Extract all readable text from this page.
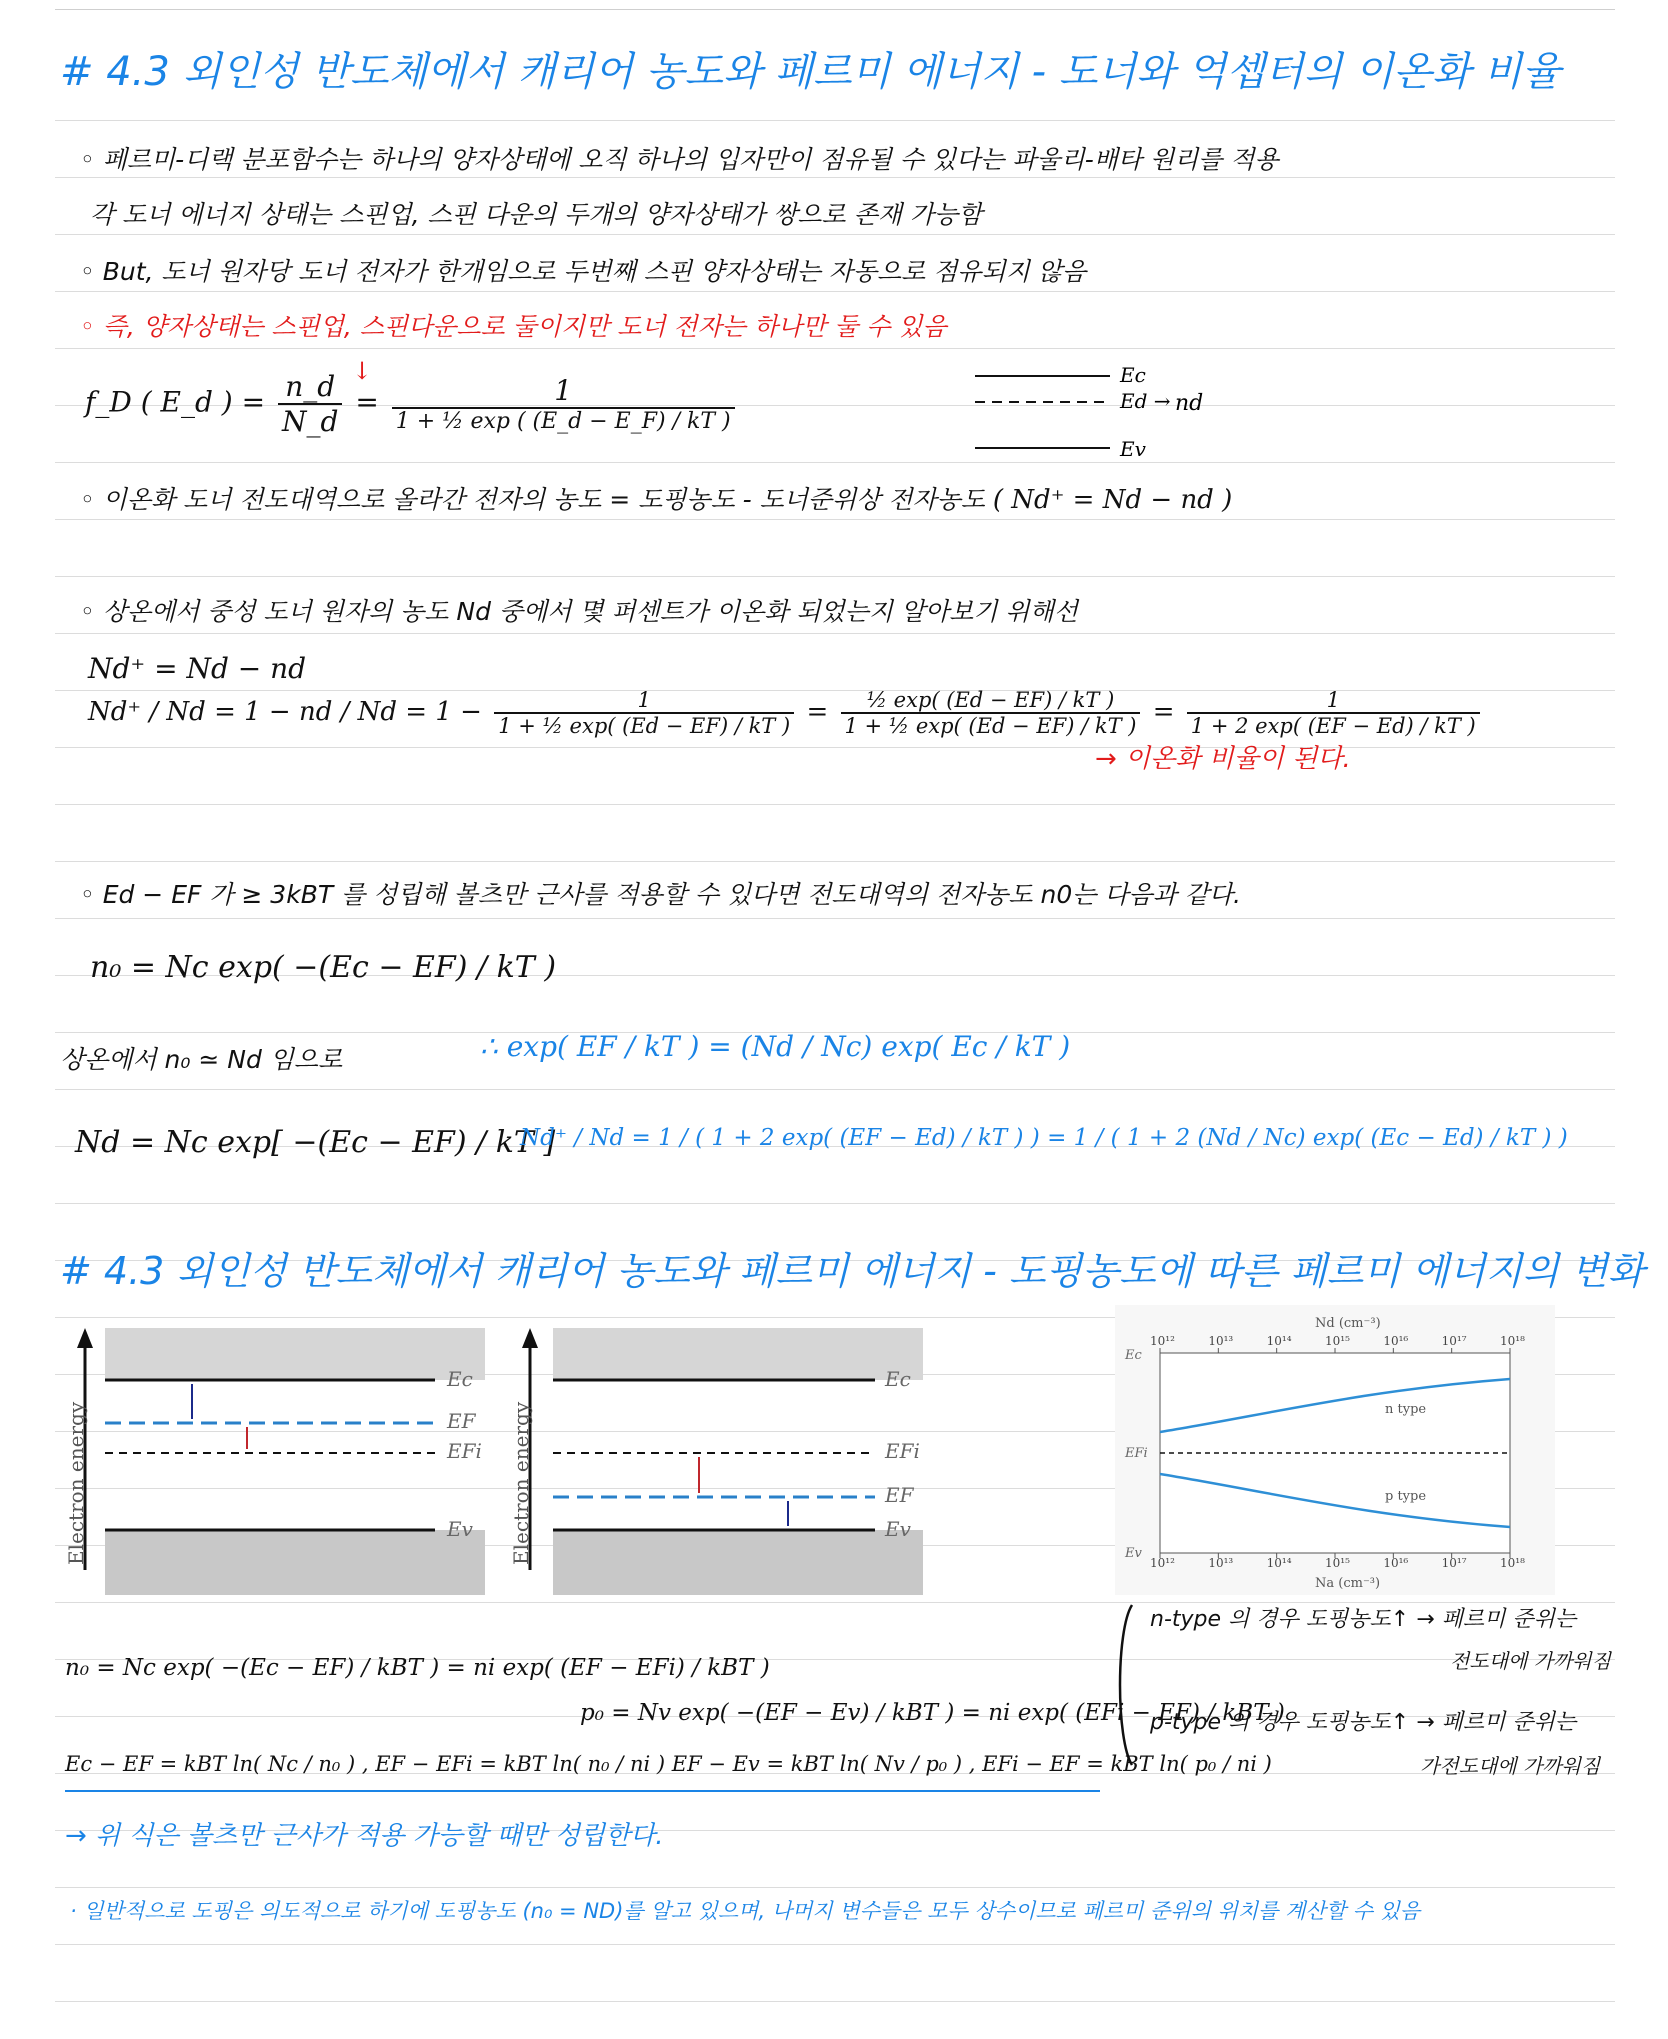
# 4.3 외인성 반도체에서 캐리어 농도와 페르미 에너지 - 도너와 억셉터의 이온화 비율
◦ 페르미-디랙 분포함수는 하나의 양자상태에 오직 하나의 입자만이 점유될 수 있다는 파울리-배타 원리를 적용
각 도너 에너지 상태는 스핀업, 스핀 다운의 두개의 양자상태가 쌍으로 존재 가능함
◦ But, 도너 원자당 도너 전자가 한개임으로 두번째 스핀 양자상태는 자동으로 점유되지 않음
◦ 즉, 양자상태는 스핀업, 스핀다운으로 둘이지만 도너 전자는 하나만 둘 수 있음
f_D ( E_d ) = $\frac{n\_d}{N\_d} = \frac{1}{\text{1 + ½ exp ( (E\_d − E\_F) / kT )}}$
↓	Ec
Ed → nd
Ev
◦ 이온화 도너 전도대역으로 올라간 전자의 농도 = 도핑농도 - 도너준위상 전자농도 ( Nd⁺ = Nd − nd )
◦ 상온에서 중성 도너 원자의 농도 Nd 중에서 몇 퍼센트가 이온화 되었는지 알아보기 위해선
Nd⁺ = Nd − nd
Nd⁺ / Nd = 1 − nd / $Nd = 1 - \frac{1}{\text{1 + ½ exp( (Ed − EF) / kT )}} = \frac{\text{½ exp( (Ed − EF) / kT )}}{\text{1 + ½ exp( (Ed − EF) / kT )}} = \frac{1}{1 + 2 \exp( (EF - Ed) / kT )}$
→ 이온화 비율이 된다.
◦ Ed − EF 가 ≥ 3kBT 를 성립해 볼츠만 근사를 적용할 수 있다면 전도대역의 전자농도 n0는 다음과 같다.
n₀ = Nc exp( −(Ec − EF) / kT )
상온에서 n₀ ≃ Nd 임으로	∴ exp( EF / kT ) = (Nd / Nc) exp( Ec / kT )
Nd = Nc exp[ −(Ec − EF) / kT ]
Nd⁺ / Nd = 1 / ( 1 + 2 exp( (EF − Ed) / kT ) ) = 1 / ( 1 + 2 (Nd / Nc) exp( (Ec − Ed) / kT ) )
# 4.3 외인성 반도체에서 캐리어 농도와 페르미 에너지 - 도핑농도에 따른 페르미 에너지의 변화
Electron energy
Ec
EF
EFi
Ev Electron energy
Ec
EFi
EF
Ev
Nd (cm⁻³)
Na (cm⁻³)
10¹²
10¹²
10¹³
10¹³
10¹⁴
10¹⁴
10¹⁵
10¹⁵
10¹⁶
10¹⁶
10¹⁷
10¹⁷
10¹⁸
10¹⁸
Ec
EFi
Ev
n type
p type
n-type 의 경우 도핑농도↑ → 페르미 준위는
전도대에 가까워짐
p-type 의 경우 도핑농도↑ → 페르미 준위는
가전도대에 가까워짐
n₀ = Nc exp( −(Ec − EF) / kBT ) = ni exp( (EF − EFi) / kBT )
p₀ = Nv exp( −(EF − Ev) / kBT ) = ni exp( (EFi − EF) / kBT )
Ec − EF = kBT ln( Nc / n₀ ) , EF − EFi = kBT ln( n₀ / ni ) EF − Ev = kBT ln( Nv / p₀ ) , EFi − EF = kBT ln( p₀ / ni )
→ 위 식은 볼츠만 근사가 적용 가능할 때만 성립한다.
· 일반적으로 도핑은 의도적으로 하기에 도핑농도 (n₀ = ND)를 알고 있으며, 나머지 변수들은 모두 상수이므로 페르미 준위의 위치를 계산할 수 있음
